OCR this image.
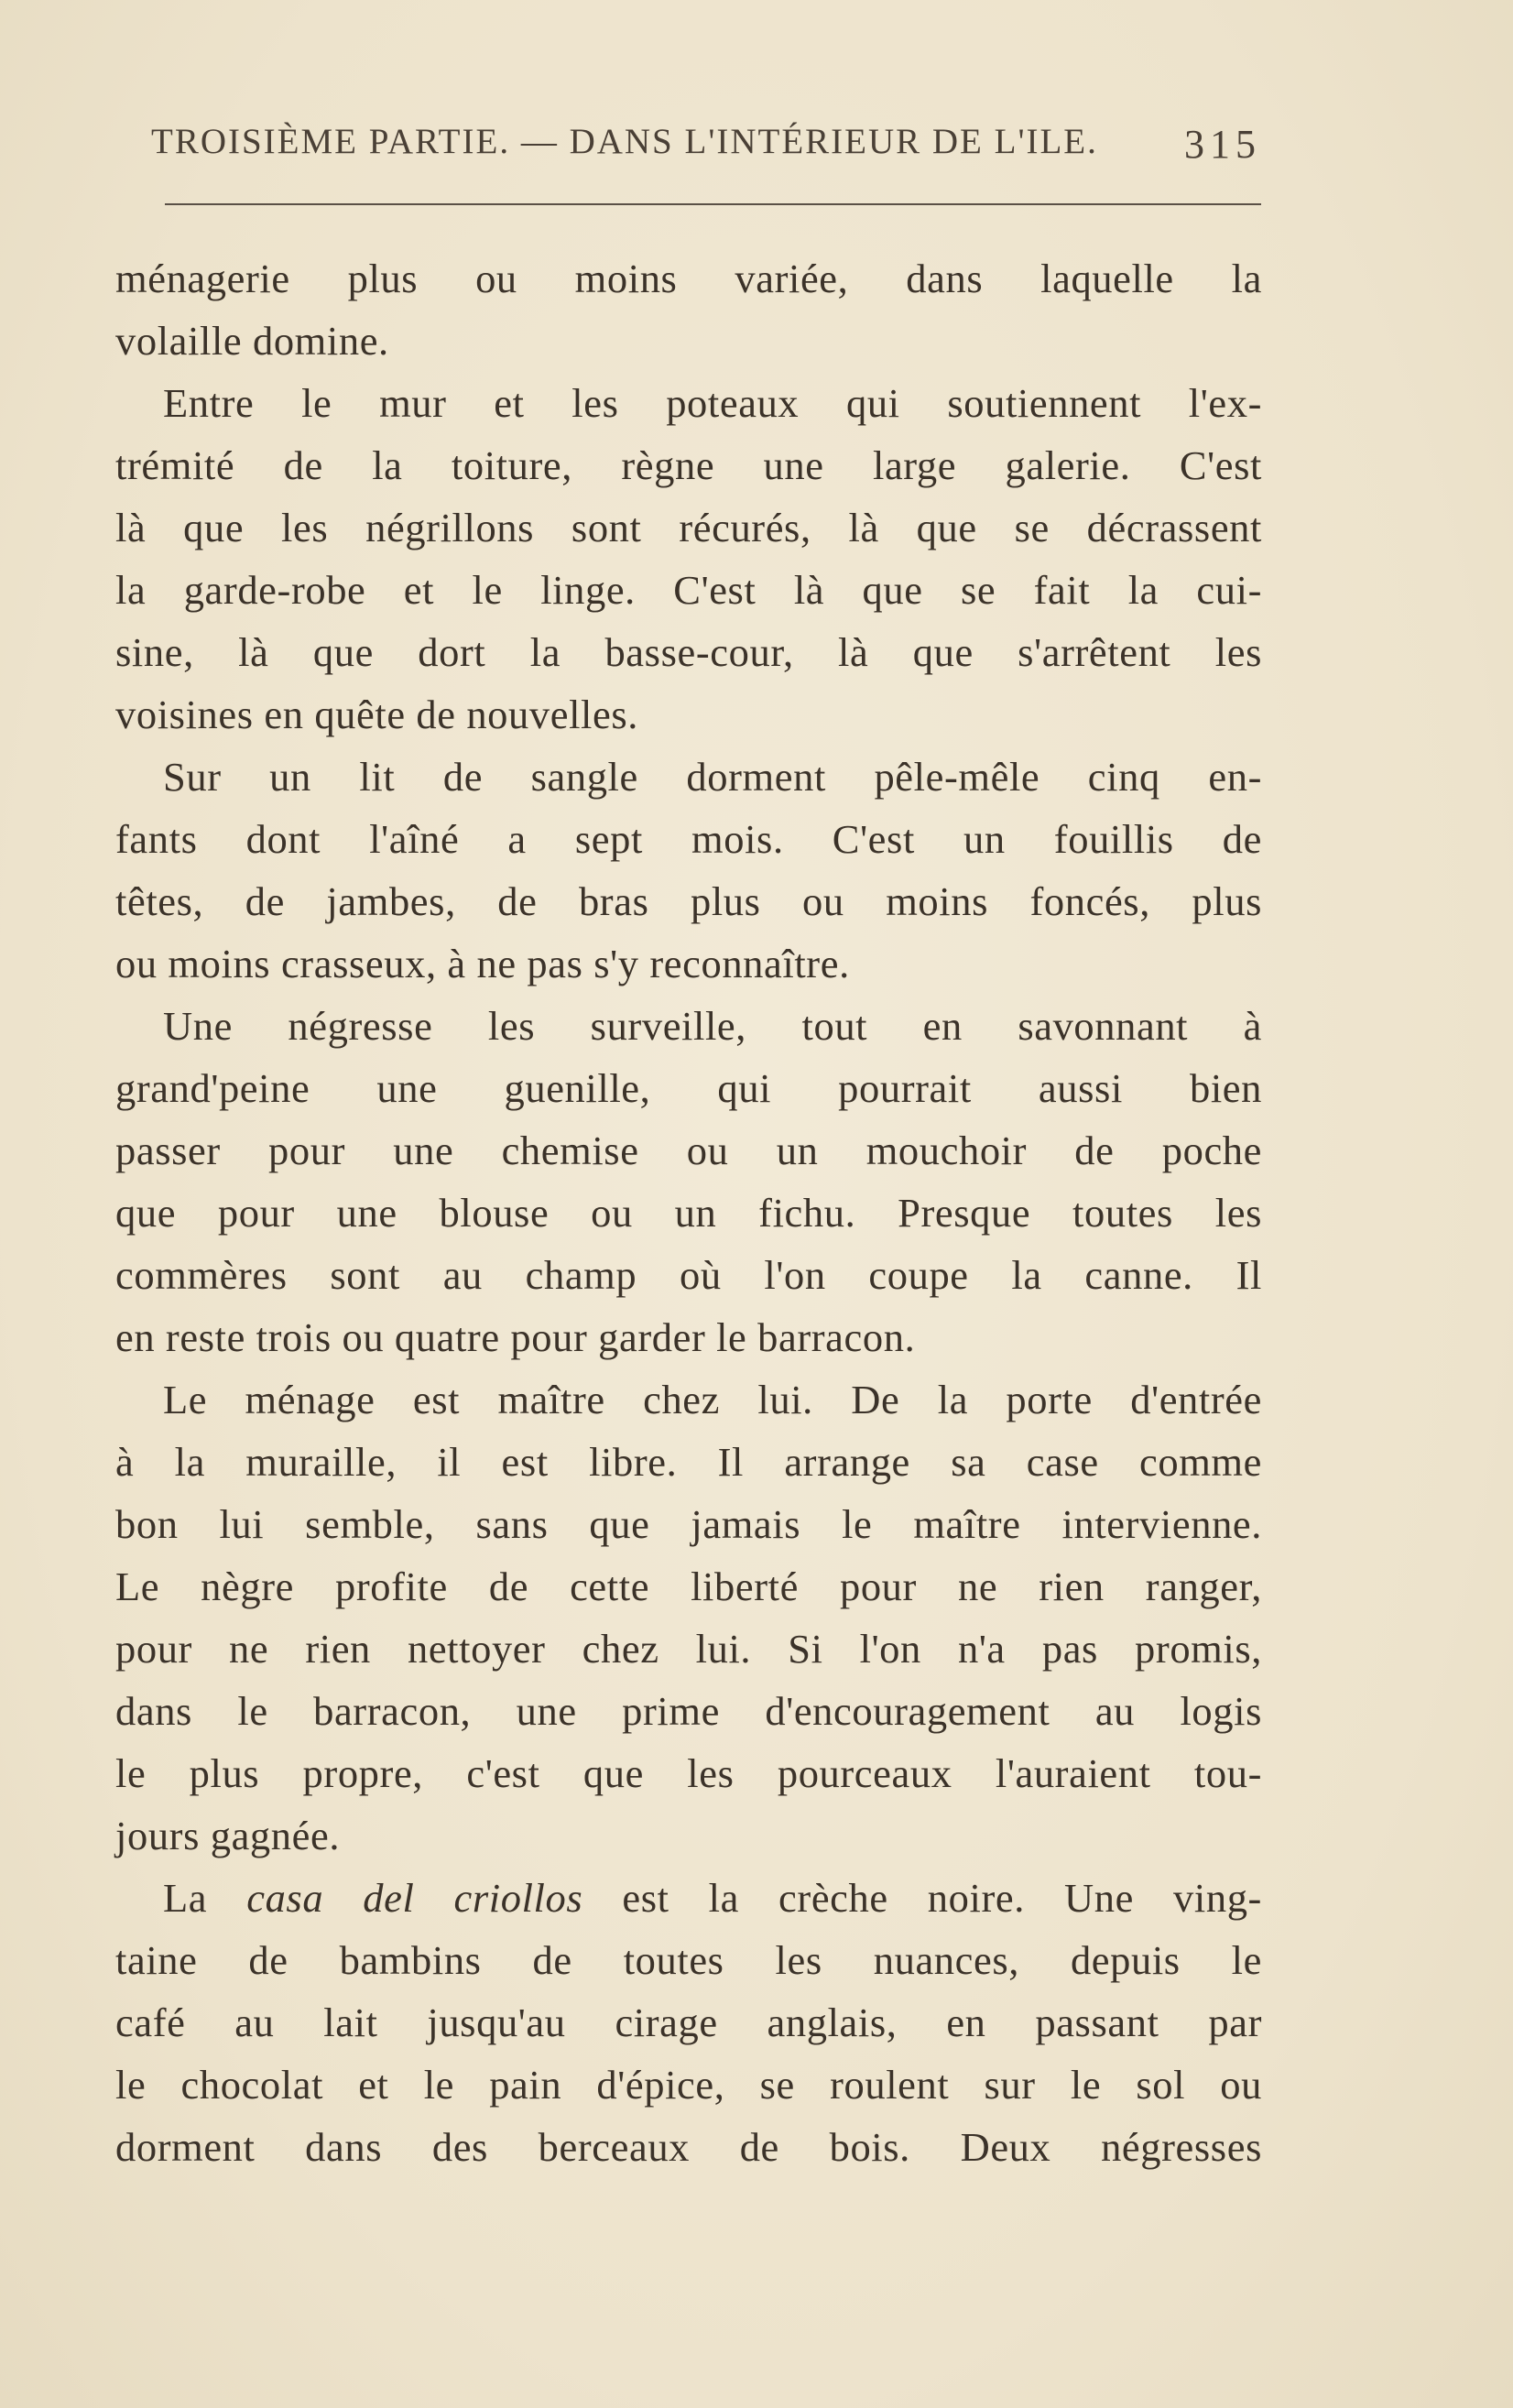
TROISIÈME PARTIE. — DANS L'INTÉRIEUR DE L'ILE. 315
ménagerie plus ou moins variée, dans laquelle la
volaille domine.
Entre le mur et les poteaux qui soutiennent l'ex-
trémité de la toiture, règne une large galerie. C'est
là que les négrillons sont récurés, là que se décrassent
la garde-robe et le linge. C'est là que se fait la cui-
sine, là que dort la basse-cour, là que s'arrêtent les
voisines en quête de nouvelles.
Sur un lit de sangle dorment pêle-mêle cinq en-
fants dont l'aîné a sept mois. C'est un fouillis de
têtes, de jambes, de bras plus ou moins foncés, plus
ou moins crasseux, à ne pas s'y reconnaître.
Une négresse les surveille, tout en savonnant à
grand'peine une guenille, qui pourrait aussi bien
passer pour une chemise ou un mouchoir de poche
que pour une blouse ou un fichu. Presque toutes les
commères sont au champ où l'on coupe la canne. Il
en reste trois ou quatre pour garder le barracon.
Le ménage est maître chez lui. De la porte d'entrée
à la muraille, il est libre. Il arrange sa case comme
bon lui semble, sans que jamais le maître intervienne.
Le nègre profite de cette liberté pour ne rien ranger,
pour ne rien nettoyer chez lui. Si l'on n'a pas promis,
dans le barracon, une prime d'encouragement au logis
le plus propre, c'est que les pourceaux l'auraient tou-
jours gagnée.
La casa del criollos est la crèche noire. Une ving-
taine de bambins de toutes les nuances, depuis le
café au lait jusqu'au cirage anglais, en passant par
le chocolat et le pain d'épice, se roulent sur le sol ou
dorment dans des berceaux de bois. Deux négresses
